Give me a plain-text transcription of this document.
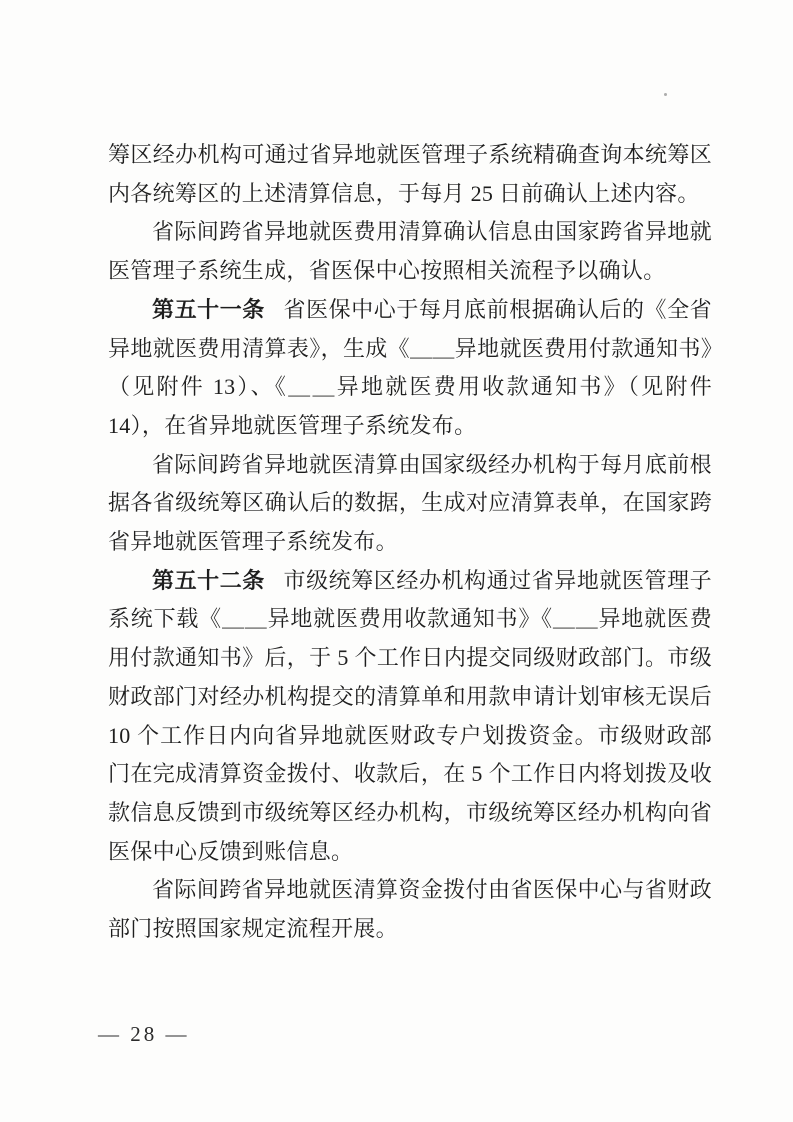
筹区经办机构可通过省异地就医管理子系统精确查询本统筹区内各统筹区的上述清算信息，于每月 25 日前确认上述内容。

省际间跨省异地就医费用清算确认信息由国家跨省异地就医管理子系统生成，省医保中心按照相关流程予以确认。

第五十一条 省医保中心于每月底前根据确认后的《全省异地就医费用清算表》，生成《＿＿异地就医费用付款通知书》（见附件 13）、《＿＿异地就医费用收款通知书》（见附件 14），在省异地就医管理子系统发布。

省际间跨省异地就医清算由国家级经办机构于每月底前根据各省级统筹区确认后的数据，生成对应清算表单，在国家跨省异地就医管理子系统发布。

第五十二条 市级统筹区经办机构通过省异地就医管理子系统下载《＿＿异地就医费用收款通知书》《＿＿异地就医费用付款通知书》后，于 5 个工作日内提交同级财政部门。市级财政部门对经办机构提交的清算单和用款申请计划审核无误后 10 个工作日内向省异地就医财政专户划拨资金。市级财政部门在完成清算资金拨付、收款后，在 5 个工作日内将划拨及收款信息反馈到市级统筹区经办机构，市级统筹区经办机构向省医保中心反馈到账信息。

省际间跨省异地就医清算资金拨付由省医保中心与省财政部门按照国家规定流程开展。

— 28 —
